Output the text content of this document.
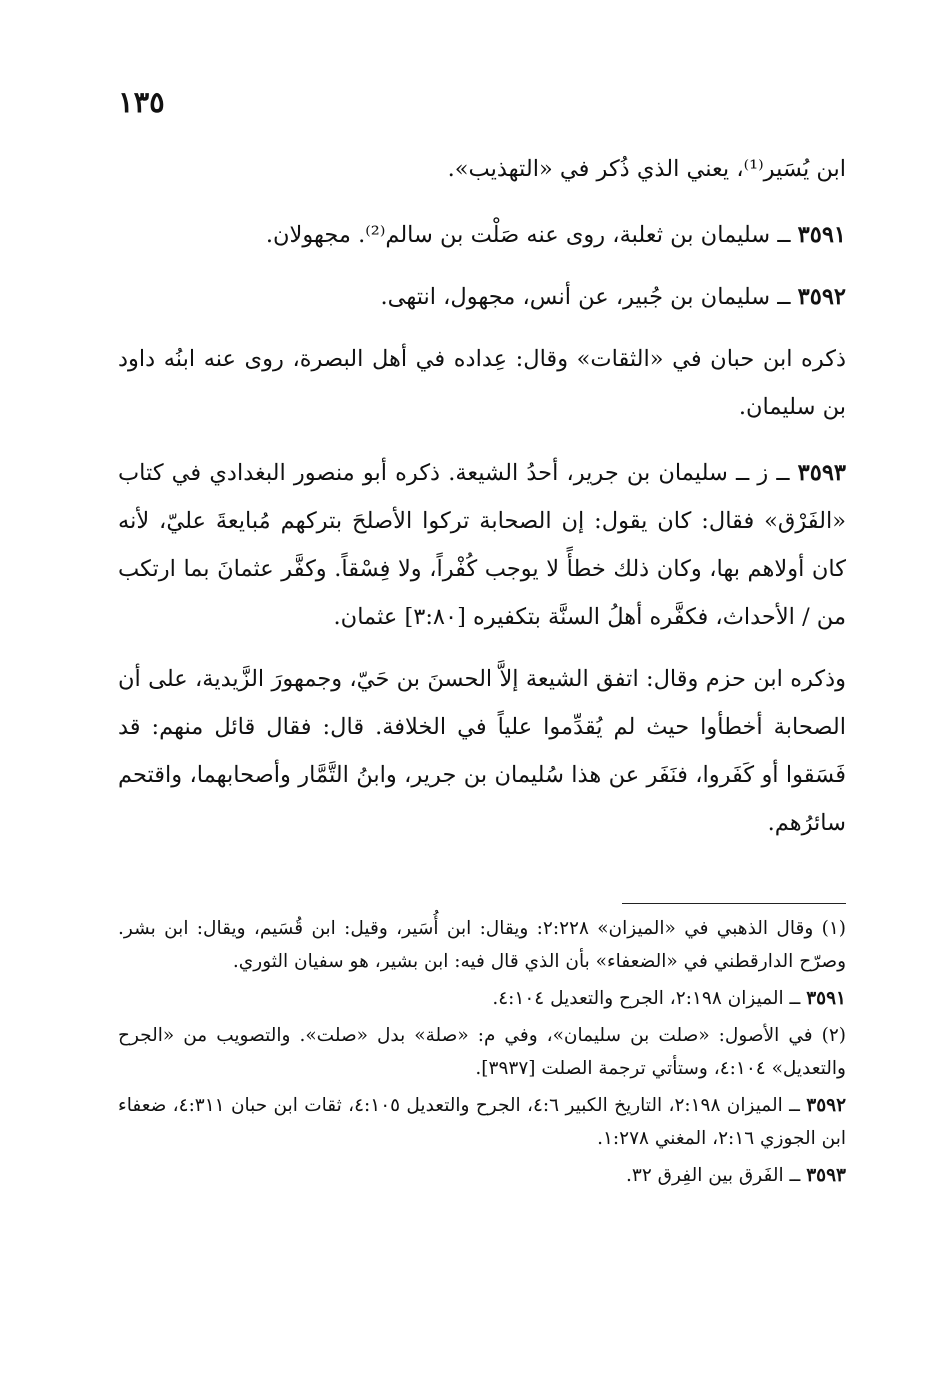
١٣٥

ابن يُسَير⁽¹⁾، يعني الذي ذُكر في «التهذيب».

٣٥٩١ ــ سليمان بن ثعلبة، روى عنه صَلْت بن سالم⁽²⁾. مجهولان.

٣٥٩٢ ــ سليمان بن جُبير، عن أنس، مجهول، انتهى.

ذكره ابن حبان في «الثقات» وقال: عِداده في أهل البصرة، روى عنه ابنُه داود بن سليمان.

٣٥٩٣ ــ ز ــ سليمان بن جرير، أحدُ الشيعة. ذكره أبو منصور البغدادي في كتاب «الفَرْق» فقال: كان يقول: إن الصحابة تركوا الأصلحَ بتركهم مُبايعةَ عليّ، لأنه كان أولاهم بها، وكان ذلك خطأً لا يوجب كُفْراً، ولا فِسْقاً. وكفَّر عثمانَ بما ارتكب من / الأحداث، فكفَّره أهلُ السنَّة بتكفيره [٣:٨٠] عثمان.

وذكره ابن حزم وقال: اتفق الشيعة إلاَّ الحسنَ بن حَيّ، وجمهورَ الزَّيدية، على أن الصحابة أخطأوا حيث لم يُقدِّموا علياً في الخلافة. قال: فقال قائل منهم: قد فَسَقوا أو كَفَروا، فنَفَر عن هذا سُليمان بن جرير، وابنُ التَّمَّار وأصحابهما، واقتحم سائرُهم.

(١) وقال الذهبي في «الميزان» ٢:٢٢٨: ويقال: ابن أُسَير، وقيل: ابن قُسَيم، ويقال: ابن بشر. وصرّح الدارقطني في «الضعفاء» بأن الذي قال فيه: ابن بشير، هو سفيان الثوري.

٣٥٩١ ــ الميزان ٢:١٩٨، الجرح والتعديل ٤:١٠٤.

(٢) في الأصول: «صلت بن سليمان»، وفي م: «صلة» بدل «صلت». والتصويب من «الجرح والتعديل» ٤:١٠٤، وستأتي ترجمة الصلت [٣٩٣٧].

٣٥٩٢ ــ الميزان ٢:١٩٨، التاريخ الكبير ٤:٦، الجرح والتعديل ٤:١٠٥، ثقات ابن حبان ٤:٣١١، ضعفاء ابن الجوزي ٢:١٦، المغني ١:٢٧٨.

٣٥٩٣ ــ الفَرق بين الفِرق ٣٢.
